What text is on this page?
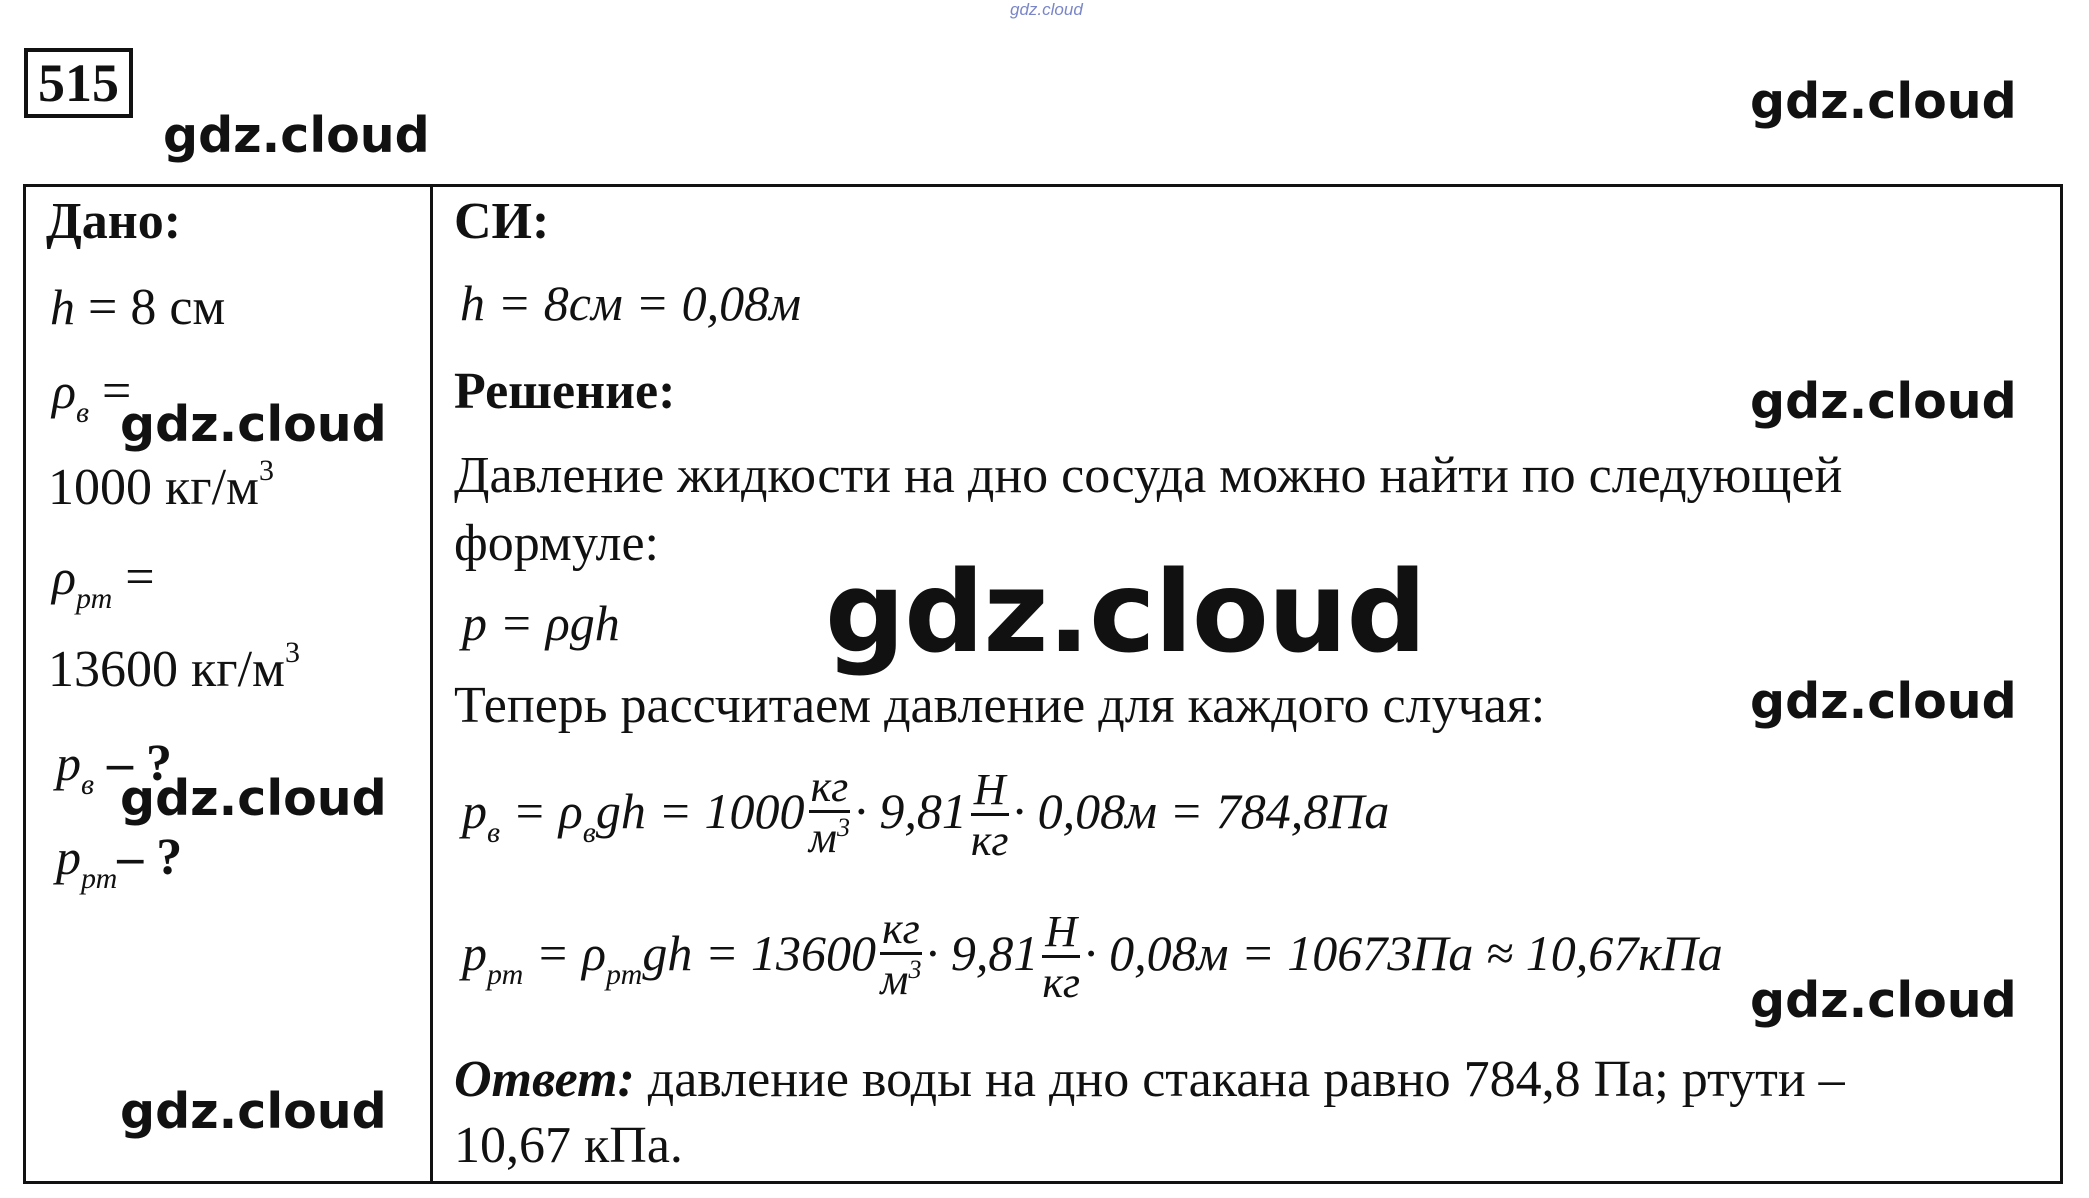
gdz.cloud
515
Дано:
h = 8 см
ρв =
1000 кг/м3
ρрт =
13600 кг/м3
pв – ?
pрт– ?
СИ:
h = 8см = 0,08м
Решение:
Давление жидкости на дно сосуда можно найти по следующей
формуле:
p = ρgh
Теперь рассчитаем давление для каждого случая:
$p_в = \rho_вgh = 1000 \frac{кг}{м^3} \cdot 9,81 \frac{Н}{кг} \cdot 0,08м = 784,8Па$
$p_{рт} = \rho_{рт}gh = 13600 \frac{кг}{м^3} \cdot 9,81 \frac{Н}{кг} \cdot 0,08м = 10673Па \approx 10,67кПа$
Ответ: давление воды на дно стакана равно 784,8 Па; ртути –
10,67 кПа.
gdz.cloud
gdz.cloud
gdz.cloud	gdz.cloud
gdz.cloud
gdz.cloud
gdz.cloud
gdz.cloud
gdz.cloud
